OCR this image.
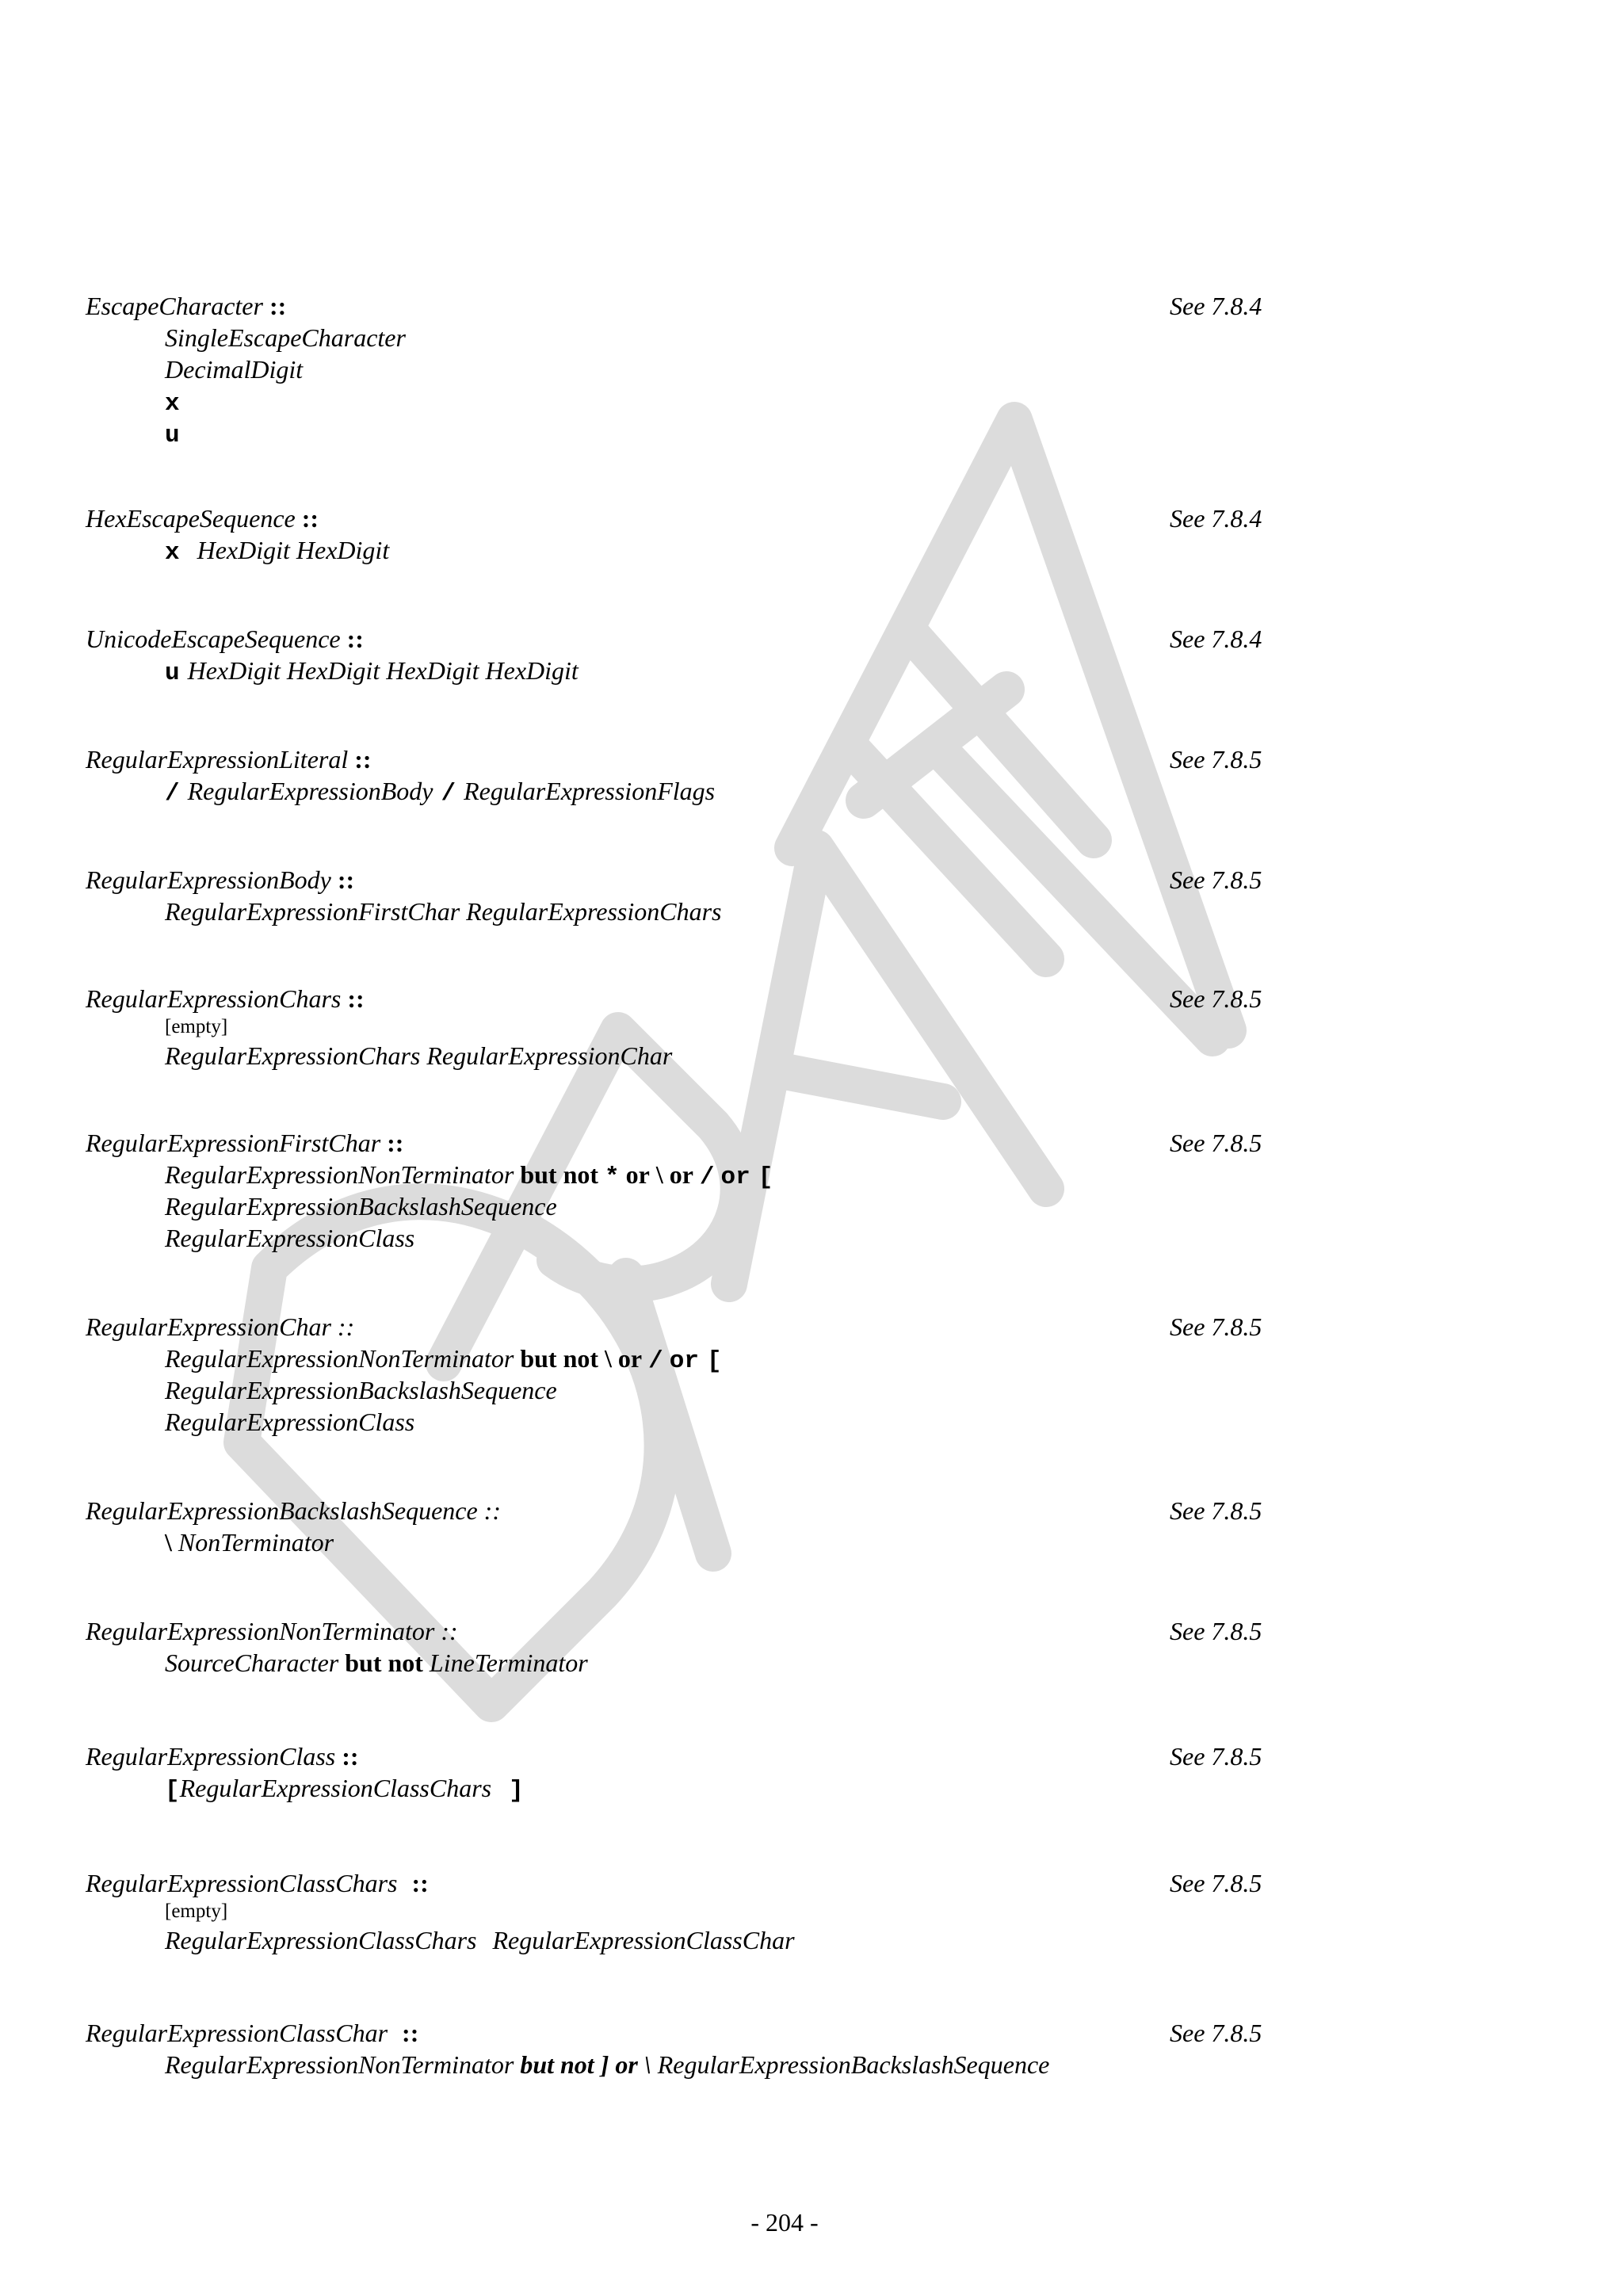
EscapeCharacter ::	See 7.8.4
SingleEscapeCharacter
DecimalDigit
x
u
HexEscapeSequence ::	See 7.8.4
x HexDigit HexDigit
UnicodeEscapeSequence ::	See 7.8.4
u HexDigit HexDigit HexDigit HexDigit
RegularExpressionLiteral ::	See 7.8.5
/ RegularExpressionBody / RegularExpressionFlags
RegularExpressionBody ::	See 7.8.5
RegularExpressionFirstChar RegularExpressionChars
RegularExpressionChars ::	See 7.8.5
[empty]
RegularExpressionChars RegularExpressionChar
RegularExpressionFirstChar ::	See 7.8.5
RegularExpressionNonTerminator but not * or \ or / or [
RegularExpressionBackslashSequence
RegularExpressionClass
RegularExpressionChar ::	See 7.8.5
RegularExpressionNonTerminator but not \ or / or [
RegularExpressionBackslashSequence
RegularExpressionClass
RegularExpressionBackslashSequence ::	See 7.8.5
\ NonTerminator
RegularExpressionNonTerminator ::	See 7.8.5
SourceCharacter but not LineTerminator
RegularExpressionClass ::	See 7.8.5
[RegularExpressionClassChars ]
RegularExpressionClassChars ::	See 7.8.5
[empty]
RegularExpressionClassChars RegularExpressionClassChar
RegularExpressionClassChar ::	See 7.8.5
RegularExpressionNonTerminator but not ] or \ RegularExpressionBackslashSequence
- 204 -
